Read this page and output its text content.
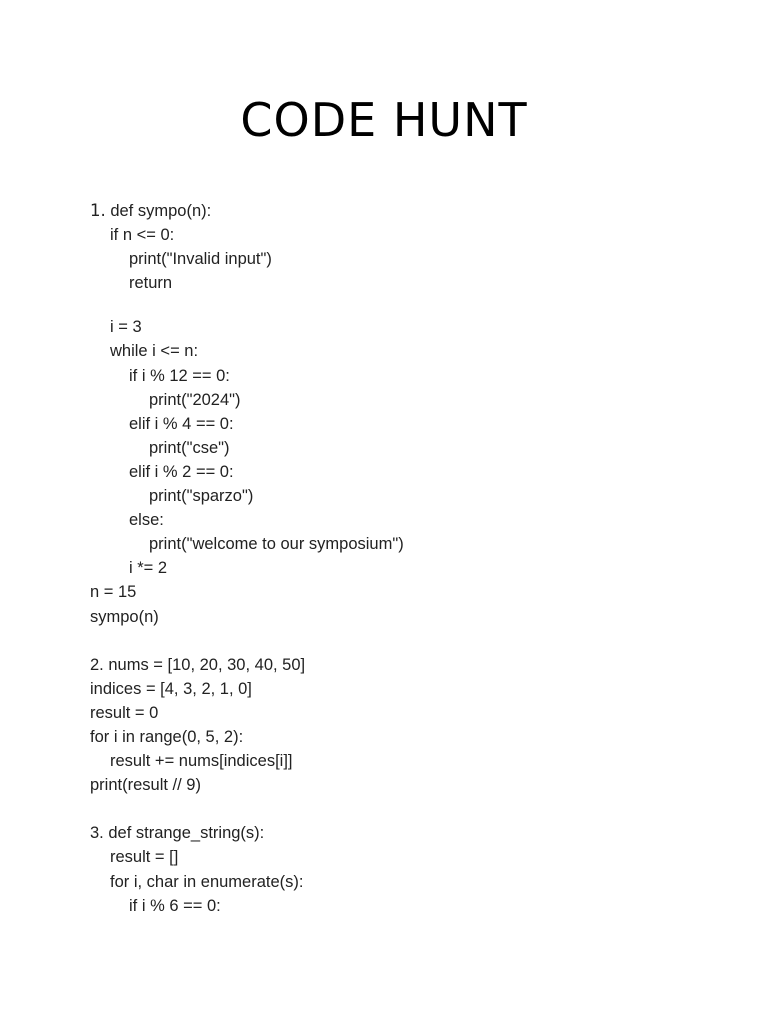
CODE HUNT
1. def sympo(n):
if n <= 0:
print("Invalid input")
return
i = 3
while i <= n:
if i % 12 == 0:
print("2024")
elif i % 4 == 0:
print("cse")
elif i % 2 == 0:
print("sparzo")
else:
print("welcome to our symposium")
i *= 2
n = 15
sympo(n)
2. nums = [10, 20, 30, 40, 50]
indices = [4, 3, 2, 1, 0]
result = 0
for i in range(0, 5, 2):
result += nums[indices[i]]
print(result // 9)
3. def strange_string(s):
result = []
for i, char in enumerate(s):
if i % 6 == 0:
